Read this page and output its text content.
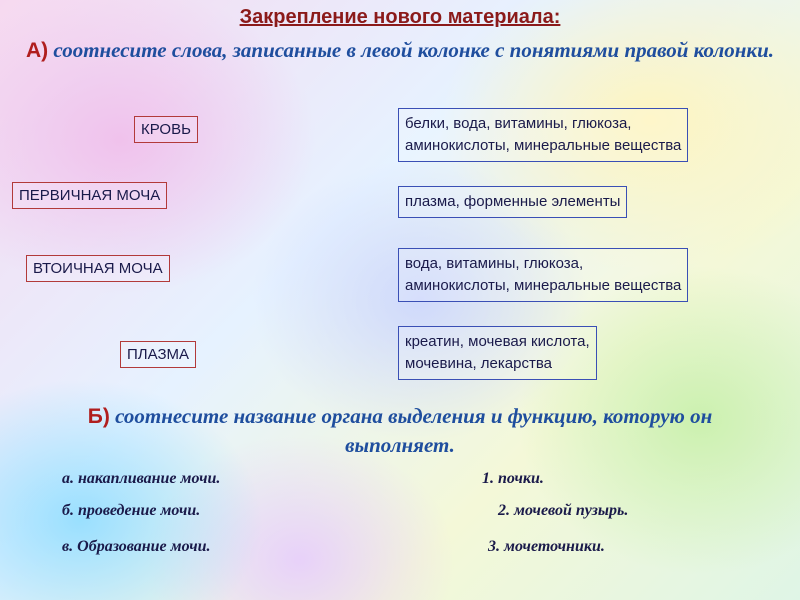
Закрепление нового материала:
А) соотнесите слова, записанные в левой колонке с понятиями правой колонки.
КРОВЬ
ПЕРВИЧНАЯ МОЧА
ВТОИЧНАЯ МОЧА
ПЛАЗМА
белки, вода, витамины, глюкоза,
аминокислоты, минеральные вещества
плазма, форменные элементы
вода, витамины, глюкоза,
аминокислоты, минеральные вещества
креатин, мочевая кислота,
мочевина, лекарства
Б) соотнесите название органа выделения и функцию, которую он выполняет.
а. накапливание мочи.
б. проведение мочи.
в. Образование мочи.
1. почки.
2. мочевой пузырь.
3. мочеточники.
